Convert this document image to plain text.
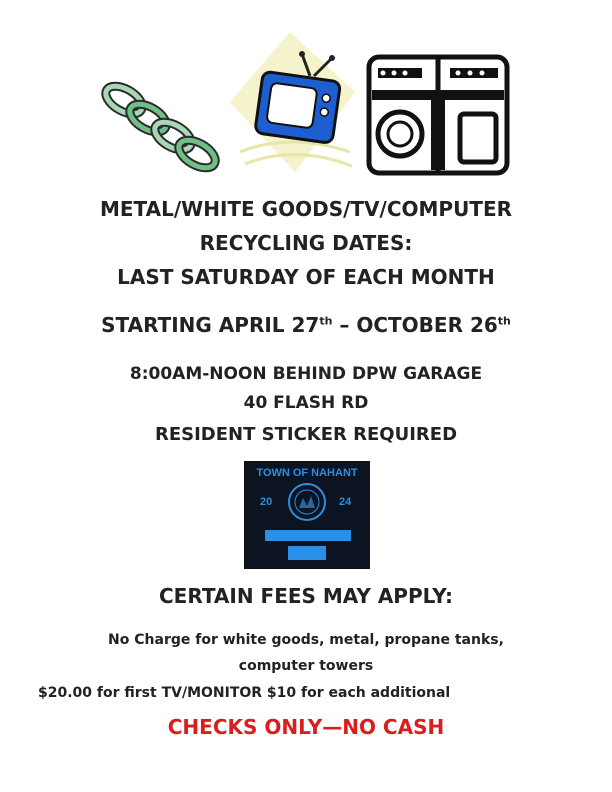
METAL/WHITE GOODS/TV/COMPUTER
RECYCLING DATES:
LAST SATURDAY OF EACH MONTH
STARTING APRIL 27th – OCTOBER 26th
8:00AM-NOON BEHIND DPW GARAGE
40 FLASH RD
RESIDENT STICKER REQUIRED
TOWN OF NAHANT
20	24
CERTAIN FEES MAY APPLY:
No Charge for white goods, metal, propane tanks,
computer towers
$20.00 for first TV/MONITOR $10 for each additional
CHECKS ONLY—NO CASH
